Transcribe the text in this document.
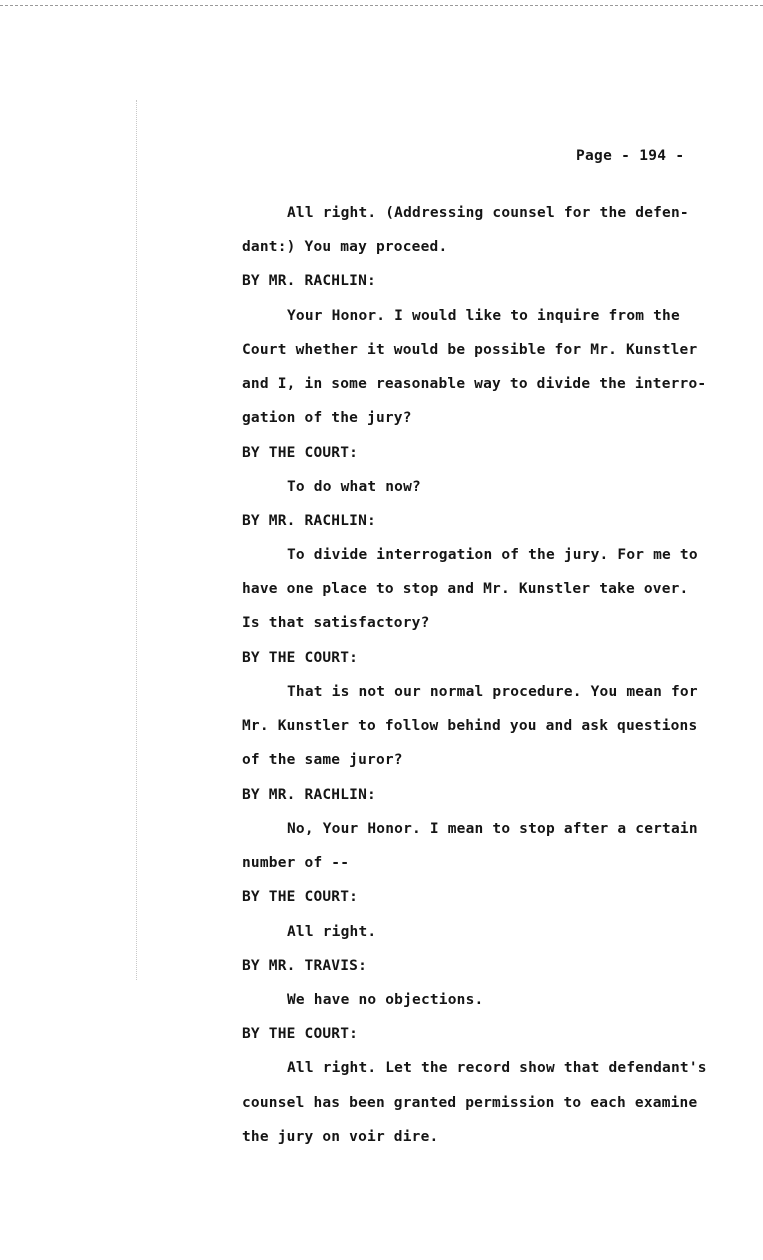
Page - 194 -
All right. (Addressing counsel for the defen-
dant:) You may proceed.
BY MR. RACHLIN:
Your Honor. I would like to inquire from the
Court whether it would be possible for Mr. Kunstler
and I, in some reasonable way to divide the interro-
gation of the jury?
BY THE COURT:
To do what now?
BY MR. RACHLIN:
To divide interrogation of the jury. For me to
have one place to stop and Mr. Kunstler take over.
Is that satisfactory?
BY THE COURT:
That is not our normal procedure. You mean for
Mr. Kunstler to follow behind you and ask questions
of the same juror?
BY MR. RACHLIN:
No, Your Honor. I mean to stop after a certain
number of --
BY THE COURT:
All right.
BY MR. TRAVIS:
We have no objections.
BY THE COURT:
All right. Let the record show that defendant's
counsel has been granted permission to each examine
the jury on voir dire.
